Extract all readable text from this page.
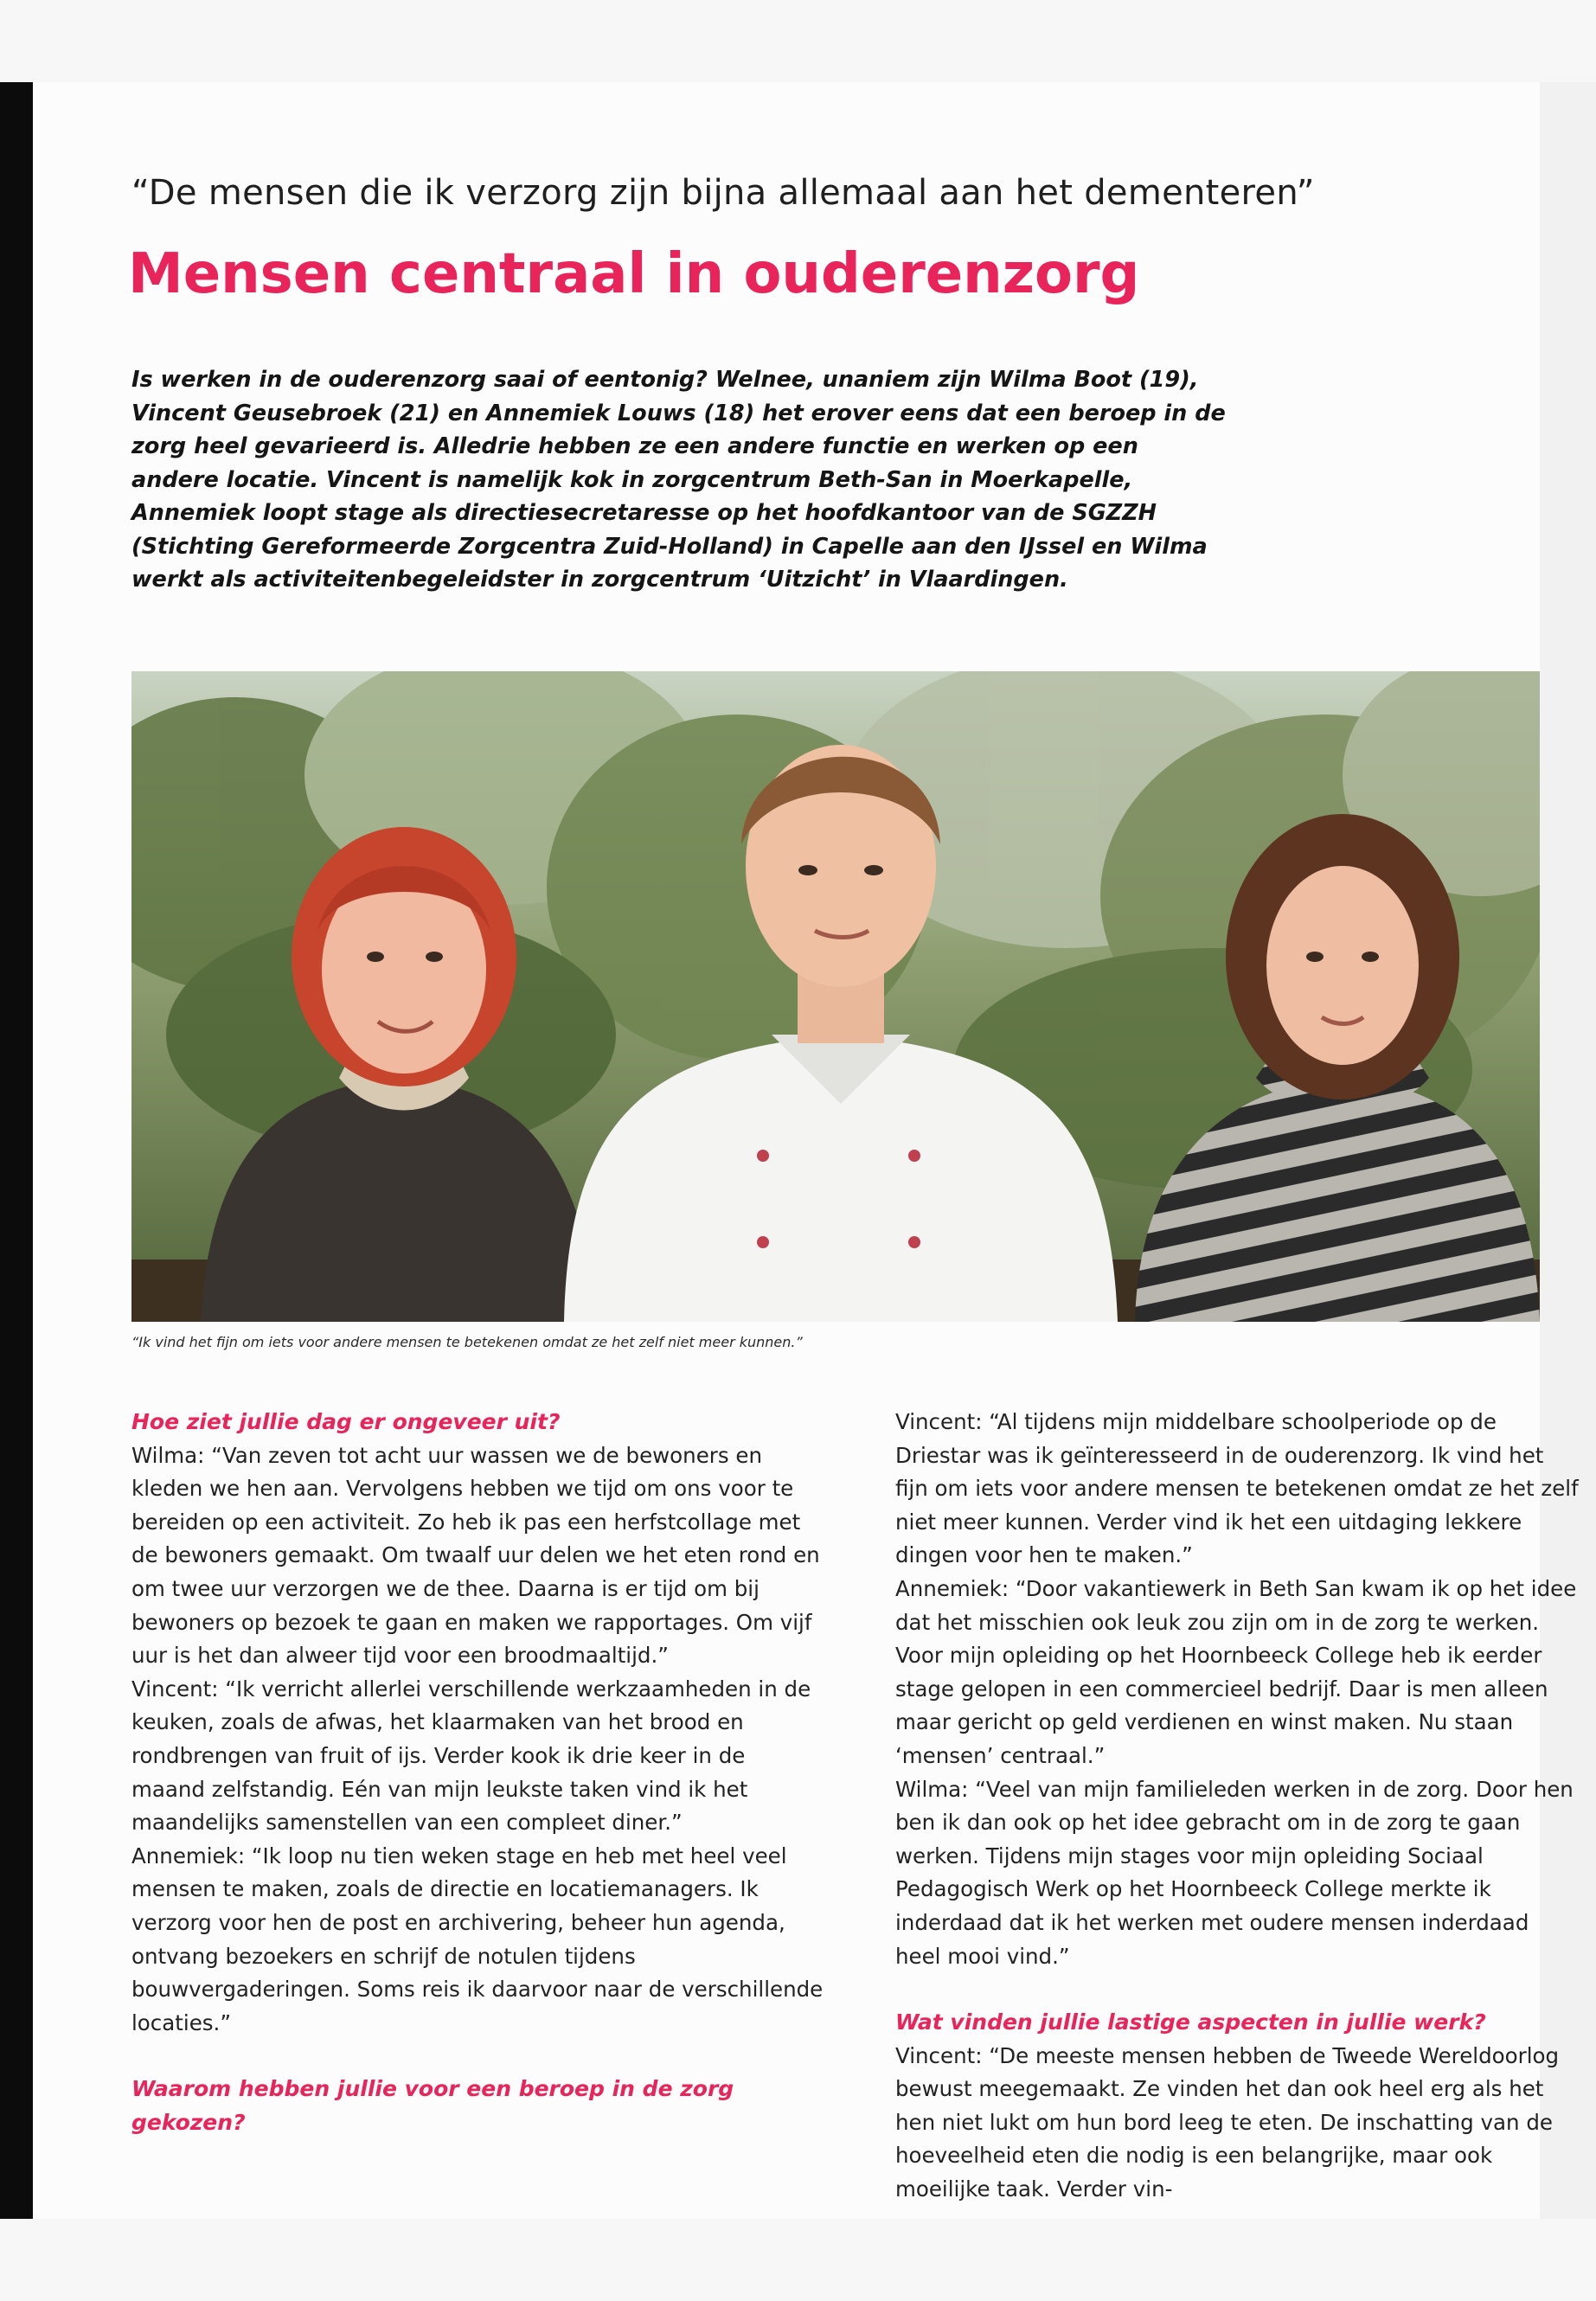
“De mensen die ik verzorg zijn bijna allemaal aan het dementeren”
Mensen centraal in ouderenzorg
Is werken in de ouderenzorg saai of eentonig? Welnee, unaniem zijn Wilma Boot (19), Vincent Geusebroek (21) en Annemiek Louws (18) het erover eens dat een beroep in de zorg heel gevarieerd is. Alledrie hebben ze een andere functie en werken op een andere locatie. Vincent is namelijk kok in zorgcentrum Beth-San in Moerkapelle, Annemiek loopt stage als directiesecretaresse op het hoofdkantoor van de SGZZH (Stichting Gereformeerde Zorgcentra Zuid-Holland) in Capelle aan den IJssel en Wilma werkt als activiteitenbegeleidster in zorgcentrum ‘Uitzicht’ in Vlaardingen.
“Ik vind het fijn om iets voor andere mensen te betekenen omdat ze het zelf niet meer kunnen.”
Hoe ziet jullie dag er ongeveer uit?

Wilma: “Van zeven tot acht uur wassen we de bewoners en kleden we hen aan. Vervolgens hebben we tijd om ons voor te bereiden op een activiteit. Zo heb ik pas een herfstcollage met de bewoners gemaakt. Om twaalf uur delen we het eten rond en om twee uur verzorgen we de thee. Daarna is er tijd om bij bewoners op bezoek te gaan en maken we rapportages. Om vijf uur is het dan alweer tijd voor een broodmaaltijd.”

Vincent: “Ik verricht allerlei verschillende werkzaamheden in de keuken, zoals de afwas, het klaarmaken van het brood en rondbrengen van fruit of ijs. Verder kook ik drie keer in de maand zelfstandig. Eén van mijn leukste taken vind ik het maandelijks samenstellen van een compleet diner.”

Annemiek: “Ik loop nu tien weken stage en heb met heel veel mensen te maken, zoals de directie en locatiemanagers. Ik verzorg voor hen de post en archivering, beheer hun agenda, ontvang bezoekers en schrijf de notulen tijdens bouwvergaderingen. Soms reis ik daarvoor naar de verschillende locaties.”

Waarom hebben jullie voor een beroep in de zorg gekozen?

Vincent: “Al tijdens mijn middelbare schoolperiode op de Driestar was ik geïnteresseerd in de ouderenzorg. Ik vind het fijn om iets voor andere mensen te betekenen omdat ze het zelf niet meer kunnen. Verder vind ik het een uitdaging lekkere dingen voor hen te maken.”

Annemiek: “Door vakantiewerk in Beth San kwam ik op het idee dat het misschien ook leuk zou zijn om in de zorg te werken. Voor mijn opleiding op het Hoornbeeck College heb ik eerder stage gelopen in een commercieel bedrijf. Daar is men alleen maar gericht op geld verdienen en winst maken. Nu staan ‘mensen’ centraal.”

Wilma: “Veel van mijn familieleden werken in de zorg. Door hen ben ik dan ook op het idee gebracht om in de zorg te gaan werken. Tijdens mijn stages voor mijn opleiding Sociaal Pedagogisch Werk op het Hoornbeeck College merkte ik inderdaad dat ik het werken met oudere mensen inderdaad heel mooi vind.”

Wat vinden jullie lastige aspecten in jullie werk?

Vincent: “De meeste mensen hebben de Tweede Wereldoorlog bewust meegemaakt. Ze vinden het dan ook heel erg als het hen niet lukt om hun bord leeg te eten. De inschatting van de hoeveelheid eten die nodig is een belangrijke, maar ook moeilijke taak. Verder vin-
